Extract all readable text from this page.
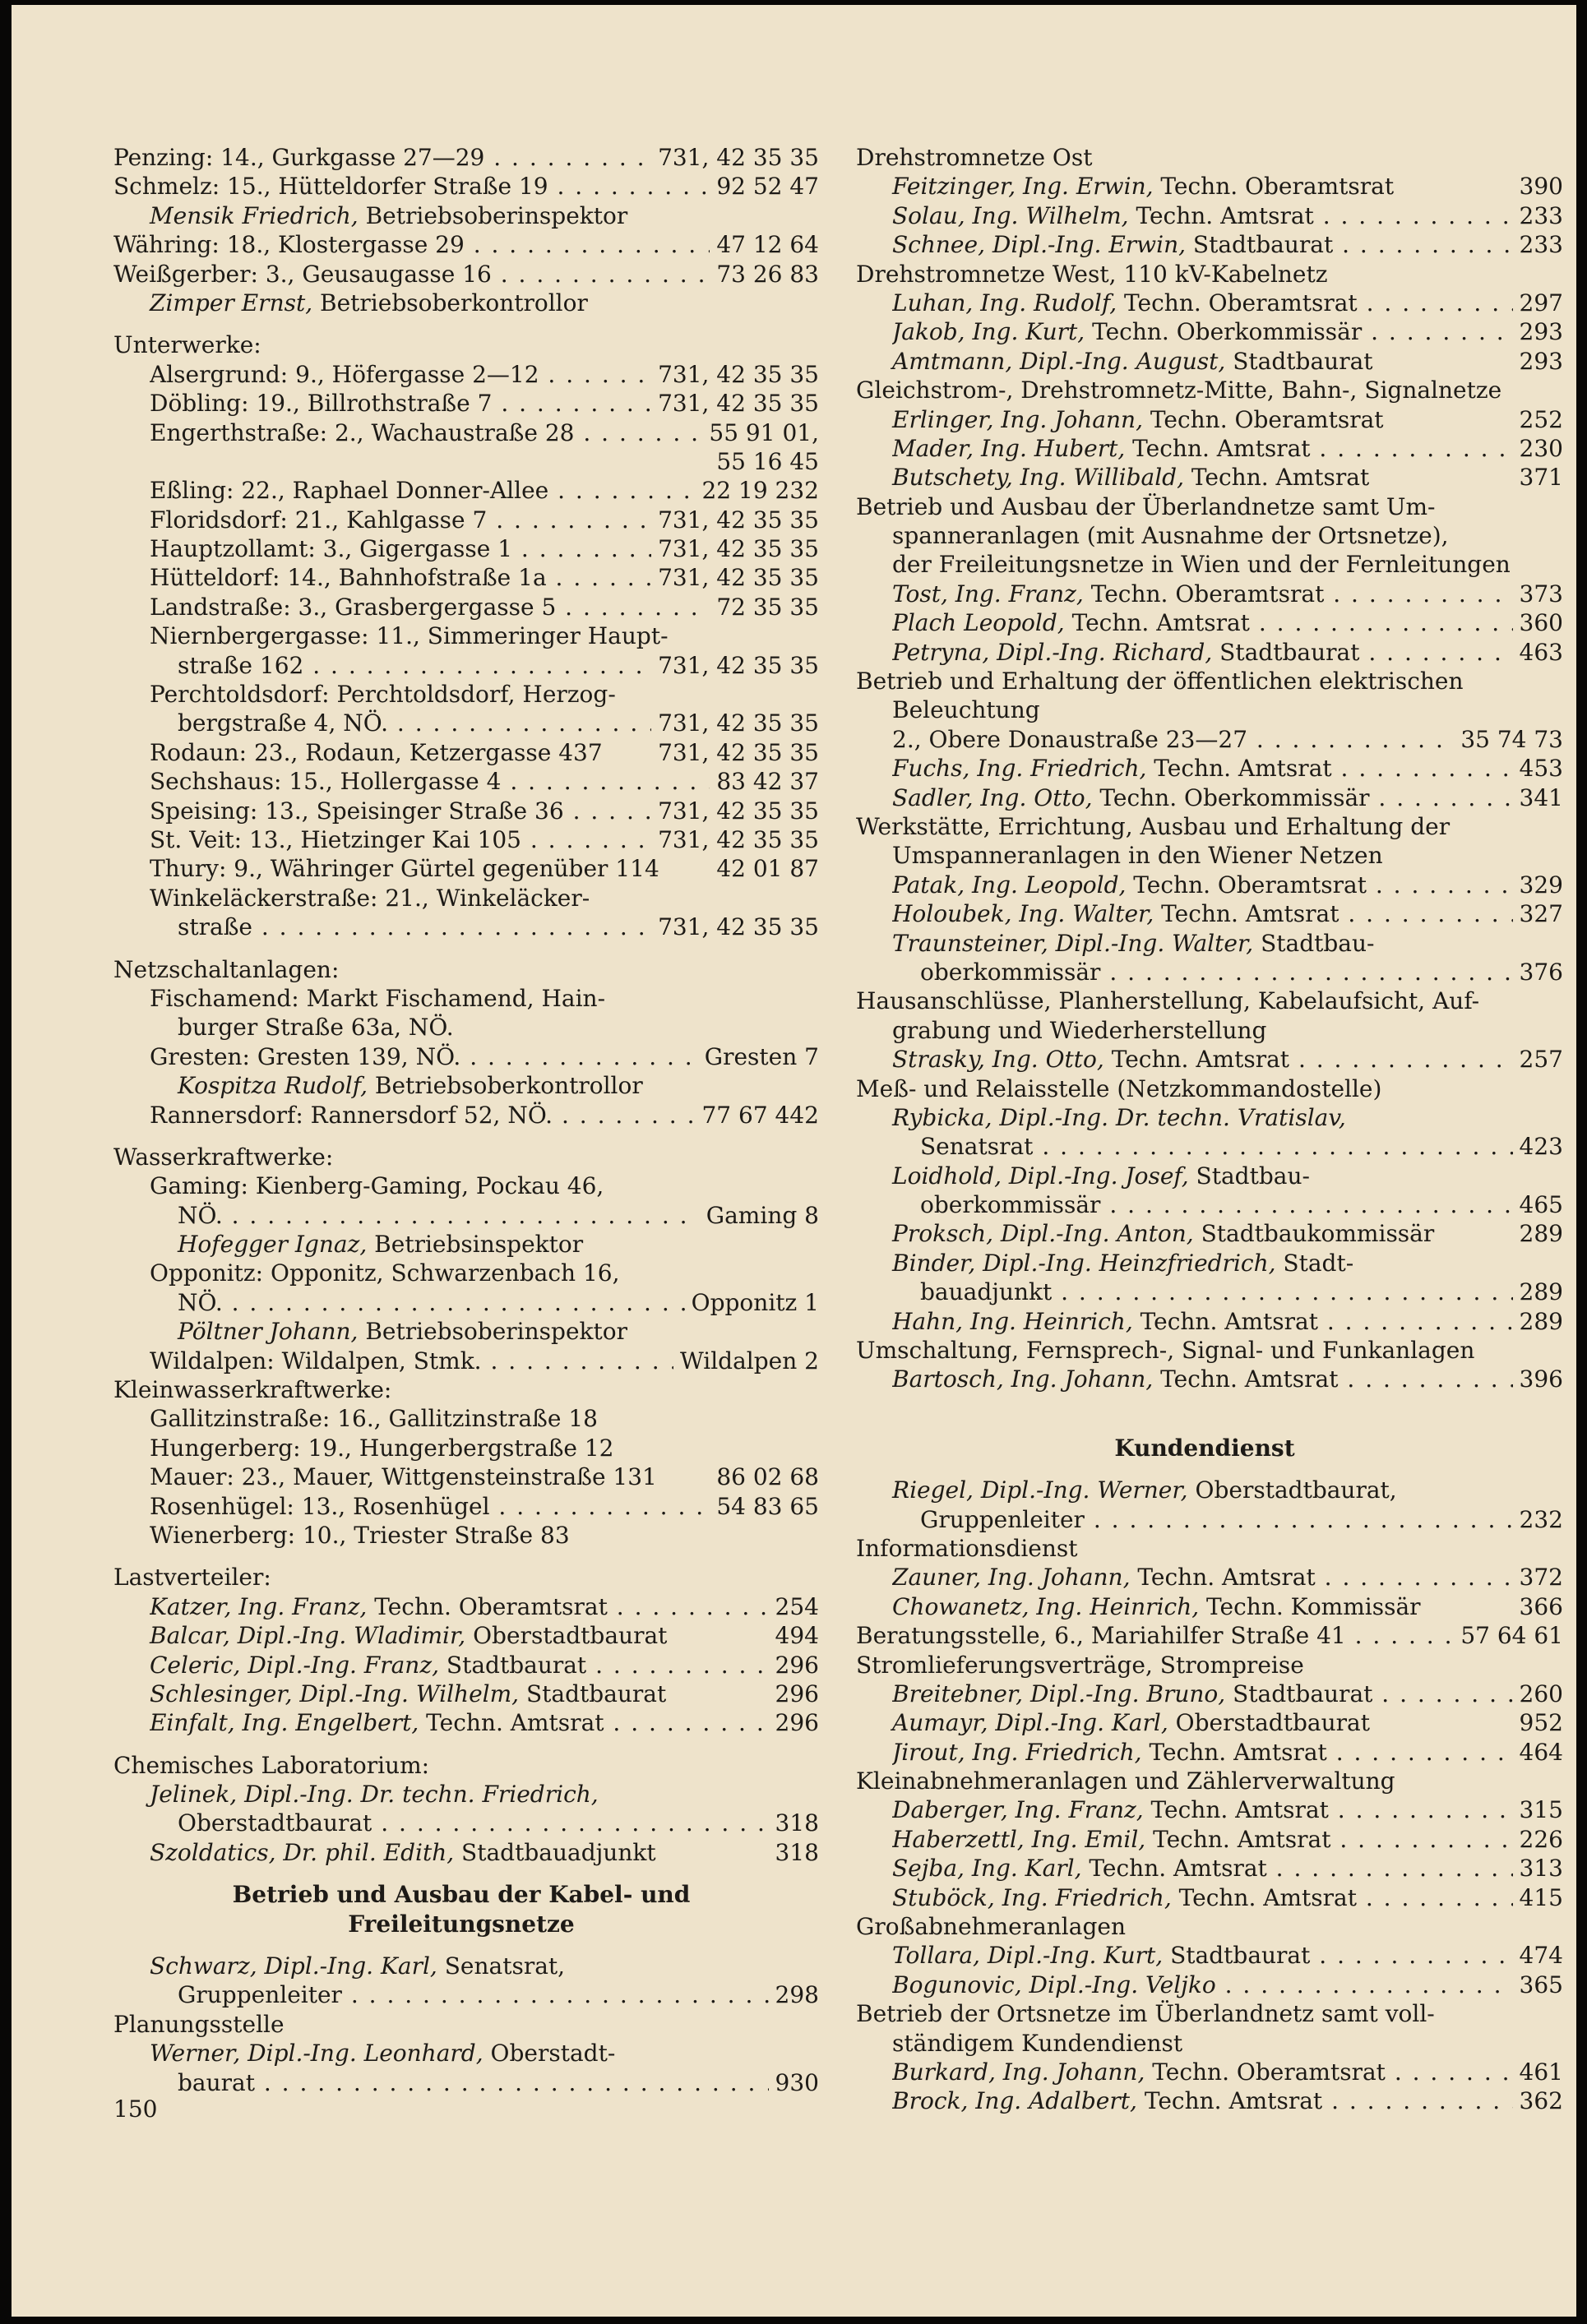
Penzing: 14., Gurkgasse 27—29 . . .	731, 42 35 35
Schmelz: 15., Hütteldorfer Straße 19 . . .	92 52 47
Mensik Friedrich, Betriebsoberinspektor
Währing: 18., Klostergasse 29 . . .	47 12 64
Weißgerber: 3., Geusaugasse 16 . . .	73 26 83
Zimper Ernst, Betriebsoberkontrollor
Unterwerke:
Alsergrund: 9., Höfergasse 2—12 . . .	731, 42 35 35
Döbling: 19., Billrothstraße 7 . . .	731, 42 35 35
Engerthstraße: 2., Wachaustraße 28 . . .	55 91 01,
55 16 45
Eßling: 22., Raphael Donner-Allee . . .	22 19 232
Floridsdorf: 21., Kahlgasse 7 . . .	731, 42 35 35
Hauptzollamt: 3., Gigergasse 1 . . .	731, 42 35 35
Hütteldorf: 14., Bahnhofstraße 1a . . .	731, 42 35 35
Landstraße: 3., Grasbergergasse 5 . . .	72 35 35
Niernbergergasse: 11., Simmeringer Haupt-
straße 162 . . .	731, 42 35 35
Perchtoldsdorf: Perchtoldsdorf, Herzog-
bergstraße 4, NÖ. . . .	731, 42 35 35
Rodaun: 23., Rodaun, Ketzergasse 437 731, 42 35 35
Sechshaus: 15., Hollergasse 4 . . .	83 42 37
Speising: 13., Speisinger Straße 36 . . .	731, 42 35 35
St. Veit: 13., Hietzinger Kai 105 . . .	731, 42 35 35
Thury: 9., Währinger Gürtel gegenüber 114 42 01 87
Winkeläckerstraße: 21., Winkeläcker-
straße . . .	731, 42 35 35
Netzschaltanlagen:
Fischamend: Markt Fischamend, Hain-
burger Straße 63a, NÖ.
Gresten: Gresten 139, NÖ. . . .	Gresten 7
Kospitza Rudolf, Betriebsoberkontrollor
Rannersdorf: Rannersdorf 52, NÖ. . . .	77 67 442
Wasserkraftwerke:
Gaming: Kienberg-Gaming, Pockau 46,
NÖ. . . .	Gaming 8
Hofegger Ignaz, Betriebsinspektor
Opponitz: Opponitz, Schwarzenbach 16,
NÖ. . . .	Opponitz 1
Pöltner Johann, Betriebsoberinspektor
Wildalpen: Wildalpen, Stmk. . . .	Wildalpen 2
Kleinwasserkraftwerke:
Gallitzinstraße: 16., Gallitzinstraße 18
Hungerberg: 19., Hungerbergstraße 12
Mauer: 23., Mauer, Wittgensteinstraße 131	86 02 68
Rosenhügel: 13., Rosenhügel . . .	54 83 65
Wienerberg: 10., Triester Straße 83
Lastverteiler:
Katzer, Ing. Franz, Techn. Oberamtsrat . . .	254
Balcar, Dipl.-Ing. Wladimir, Oberstadtbaurat	494
Celeric, Dipl.-Ing. Franz, Stadtbaurat . . .	296
Schlesinger, Dipl.-Ing. Wilhelm, Stadtbaurat	296
Einfalt, Ing. Engelbert, Techn. Amtsrat . . .	296
Chemisches Laboratorium:
Jelinek, Dipl.-Ing. Dr. techn. Friedrich,
Oberstadtbaurat . . .	318
Szoldatics, Dr. phil. Edith, Stadtbauadjunkt	318
Betrieb und Ausbau der Kabel- und
Freileitungsnetze
Schwarz, Dipl.-Ing. Karl, Senatsrat,
Gruppenleiter . . .	298
Planungsstelle
Werner, Dipl.-Ing. Leonhard, Oberstadt-
baurat . . .	930
Drehstromnetze Ost
Feitzinger, Ing. Erwin, Techn. Oberamtsrat	390
Solau, Ing. Wilhelm, Techn. Amtsrat . . .	233
Schnee, Dipl.-Ing. Erwin, Stadtbaurat . . .	233
Drehstromnetze West, 110 kV-Kabelnetz
Luhan, Ing. Rudolf, Techn. Oberamtsrat . . .	297
Jakob, Ing. Kurt, Techn. Oberkommissär . . .	293
Amtmann, Dipl.-Ing. August, Stadtbaurat	293
Gleichstrom-, Drehstromnetz-Mitte, Bahn-, Signalnetze
Erlinger, Ing. Johann, Techn. Oberamtsrat	252
Mader, Ing. Hubert, Techn. Amtsrat . . .	230
Butschety, Ing. Willibald, Techn. Amtsrat	371
Betrieb und Ausbau der Überlandnetze samt Um-
spanneranlagen (mit Ausnahme der Ortsnetze),
der Freileitungsnetze in Wien und der Fernleitungen
Tost, Ing. Franz, Techn. Oberamtsrat . . .	373
Plach Leopold, Techn. Amtsrat . . .	360
Petryna, Dipl.-Ing. Richard, Stadtbaurat . . .	463
Betrieb und Erhaltung der öffentlichen elektrischen
Beleuchtung
2., Obere Donaustraße 23—27 . . .	35 74 73
Fuchs, Ing. Friedrich, Techn. Amtsrat . . .	453
Sadler, Ing. Otto, Techn. Oberkommissär . . .	341
Werkstätte, Errichtung, Ausbau und Erhaltung der
Umspanneranlagen in den Wiener Netzen
Patak, Ing. Leopold, Techn. Oberamtsrat . . .	329
Holoubek, Ing. Walter, Techn. Amtsrat . . .	327
Traunsteiner, Dipl.-Ing. Walter, Stadtbau-
oberkommissär . . .	376
Hausanschlüsse, Planherstellung, Kabelaufsicht, Auf-
grabung und Wiederherstellung
Strasky, Ing. Otto, Techn. Amtsrat . . .	257
Meß- und Relaisstelle (Netzkommandostelle)
Rybicka, Dipl.-Ing. Dr. techn. Vratislav,
Senatsrat . . .	423
Loidhold, Dipl.-Ing. Josef, Stadtbau-
oberkommissär . . .	465
Proksch, Dipl.-Ing. Anton, Stadtbaukommissär	289
Binder, Dipl.-Ing. Heinzfriedrich, Stadt-
bauadjunkt . . .	289
Hahn, Ing. Heinrich, Techn. Amtsrat . . .	289
Umschaltung, Fernsprech-, Signal- und Funkanlagen
Bartosch, Ing. Johann, Techn. Amtsrat . . .	396
Kundendienst
Riegel, Dipl.-Ing. Werner, Oberstadtbaurat,
Gruppenleiter . . .	232
Informationsdienst
Zauner, Ing. Johann, Techn. Amtsrat . . .	372
Chowanetz, Ing. Heinrich, Techn. Kommissär	366
Beratungsstelle, 6., Mariahilfer Straße 41 . . .	57 64 61
Stromlieferungsverträge, Strompreise
Breitebner, Dipl.-Ing. Bruno, Stadtbaurat . . .	260
Aumayr, Dipl.-Ing. Karl, Oberstadtbaurat	952
Jirout, Ing. Friedrich, Techn. Amtsrat . . .	464
Kleinabnehmeranlagen und Zählerverwaltung
Daberger, Ing. Franz, Techn. Amtsrat . . .	315
Haberzettl, Ing. Emil, Techn. Amtsrat . . .	226
Sejba, Ing. Karl, Techn. Amtsrat . . .	313
Stuböck, Ing. Friedrich, Techn. Amtsrat . . .	415
Großabnehmeranlagen
Tollara, Dipl.-Ing. Kurt, Stadtbaurat . . .	474
Bogunovic, Dipl.-Ing. Veljko . . .	365
Betrieb der Ortsnetze im Überlandnetz samt voll-
ständigem Kundendienst
Burkard, Ing. Johann, Techn. Oberamtsrat . . .	461
Brock, Ing. Adalbert, Techn. Amtsrat . . .	362
150
